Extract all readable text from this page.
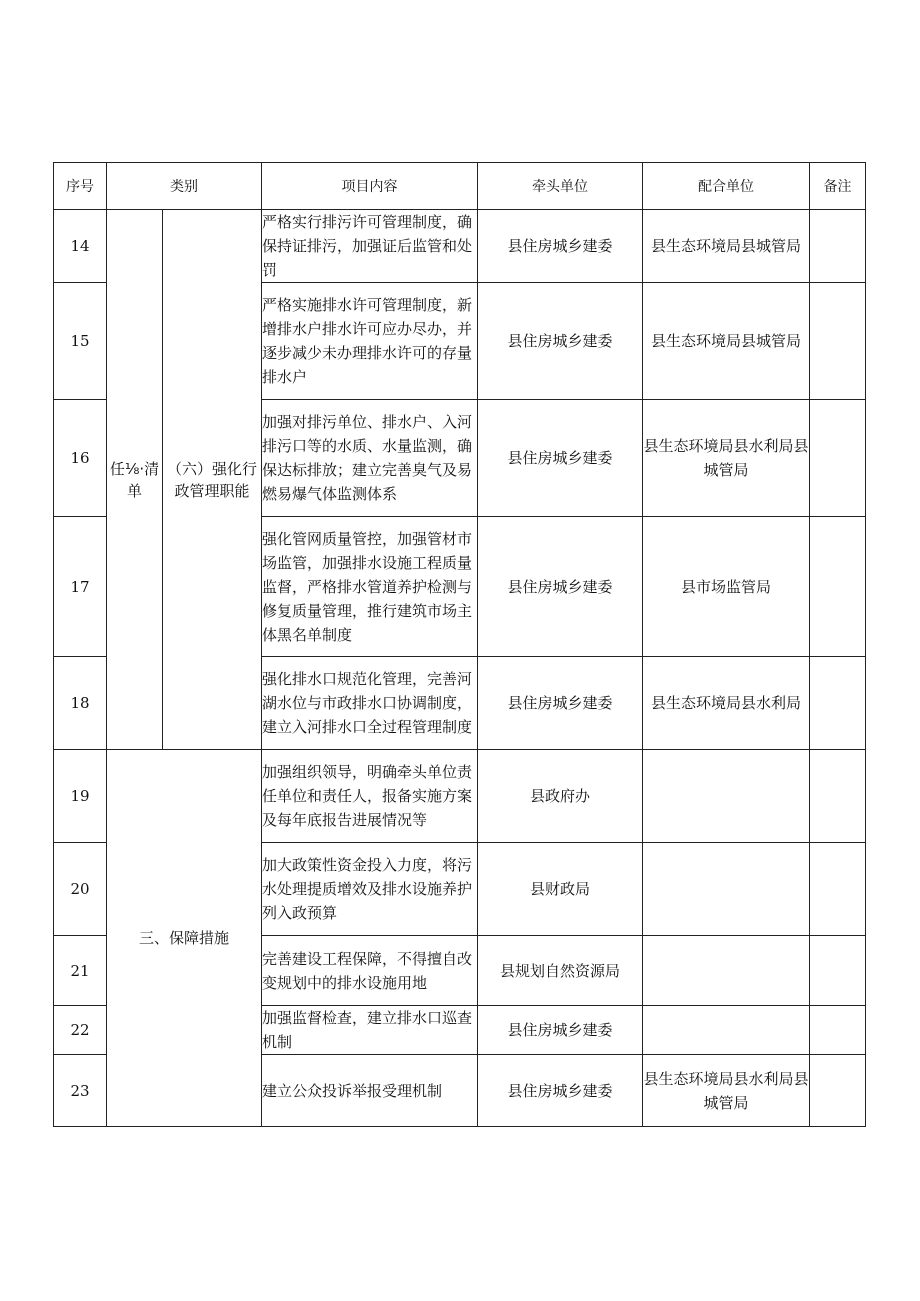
序号	类别		项目内容	牵头单位	配合单位	备注
14	任⅛·清单	（六）强化行政管理职能	严格实行排污许可管理制度，确保持证排污，加强证后监管和处罚	县住房城乡建委	县生态环境局县城管局	
15			严格实施排水许可管理制度，新增排水户排水许可应办尽办，并逐步减少未办理排水许可的存量排水户	县住房城乡建委	县生态环境局县城管局	
16			加强对排污单位、排水户、入河排污口等的水质、水量监测，确保达标排放；建立完善臭气及易燃易爆气体监测体系	县住房城乡建委	县生态环境局县水利局县城管局	
17			强化管网质量管控，加强管材市场监管，加强排水设施工程质量监督，严格排水管道养护检测与修复质量管理，推行建筑市场主体黑名单制度	县住房城乡建委	县市场监管局	
18			强化排水口规范化管理，完善河湖水位与市政排水口协调制度，建立入河排水口全过程管理制度	县住房城乡建委	县生态环境局县水利局	
19	三、保障措施		加强组织领导，明确牵头单位责任单位和责任人，报备实施方案及每年底报告进展情况等	县政府办		
20			加大政策性资金投入力度，将污水处理提质增效及排水设施养护列入政预算	县财政局		
21			完善建设工程保障，不得擅自改变规划中的排水设施用地	县规划自然资源局		
22			加强监督检查，建立排水口巡查机制	县住房城乡建委		
23			建立公众投诉举报受理机制	县住房城乡建委	县生态环境局县水利局县城管局	
